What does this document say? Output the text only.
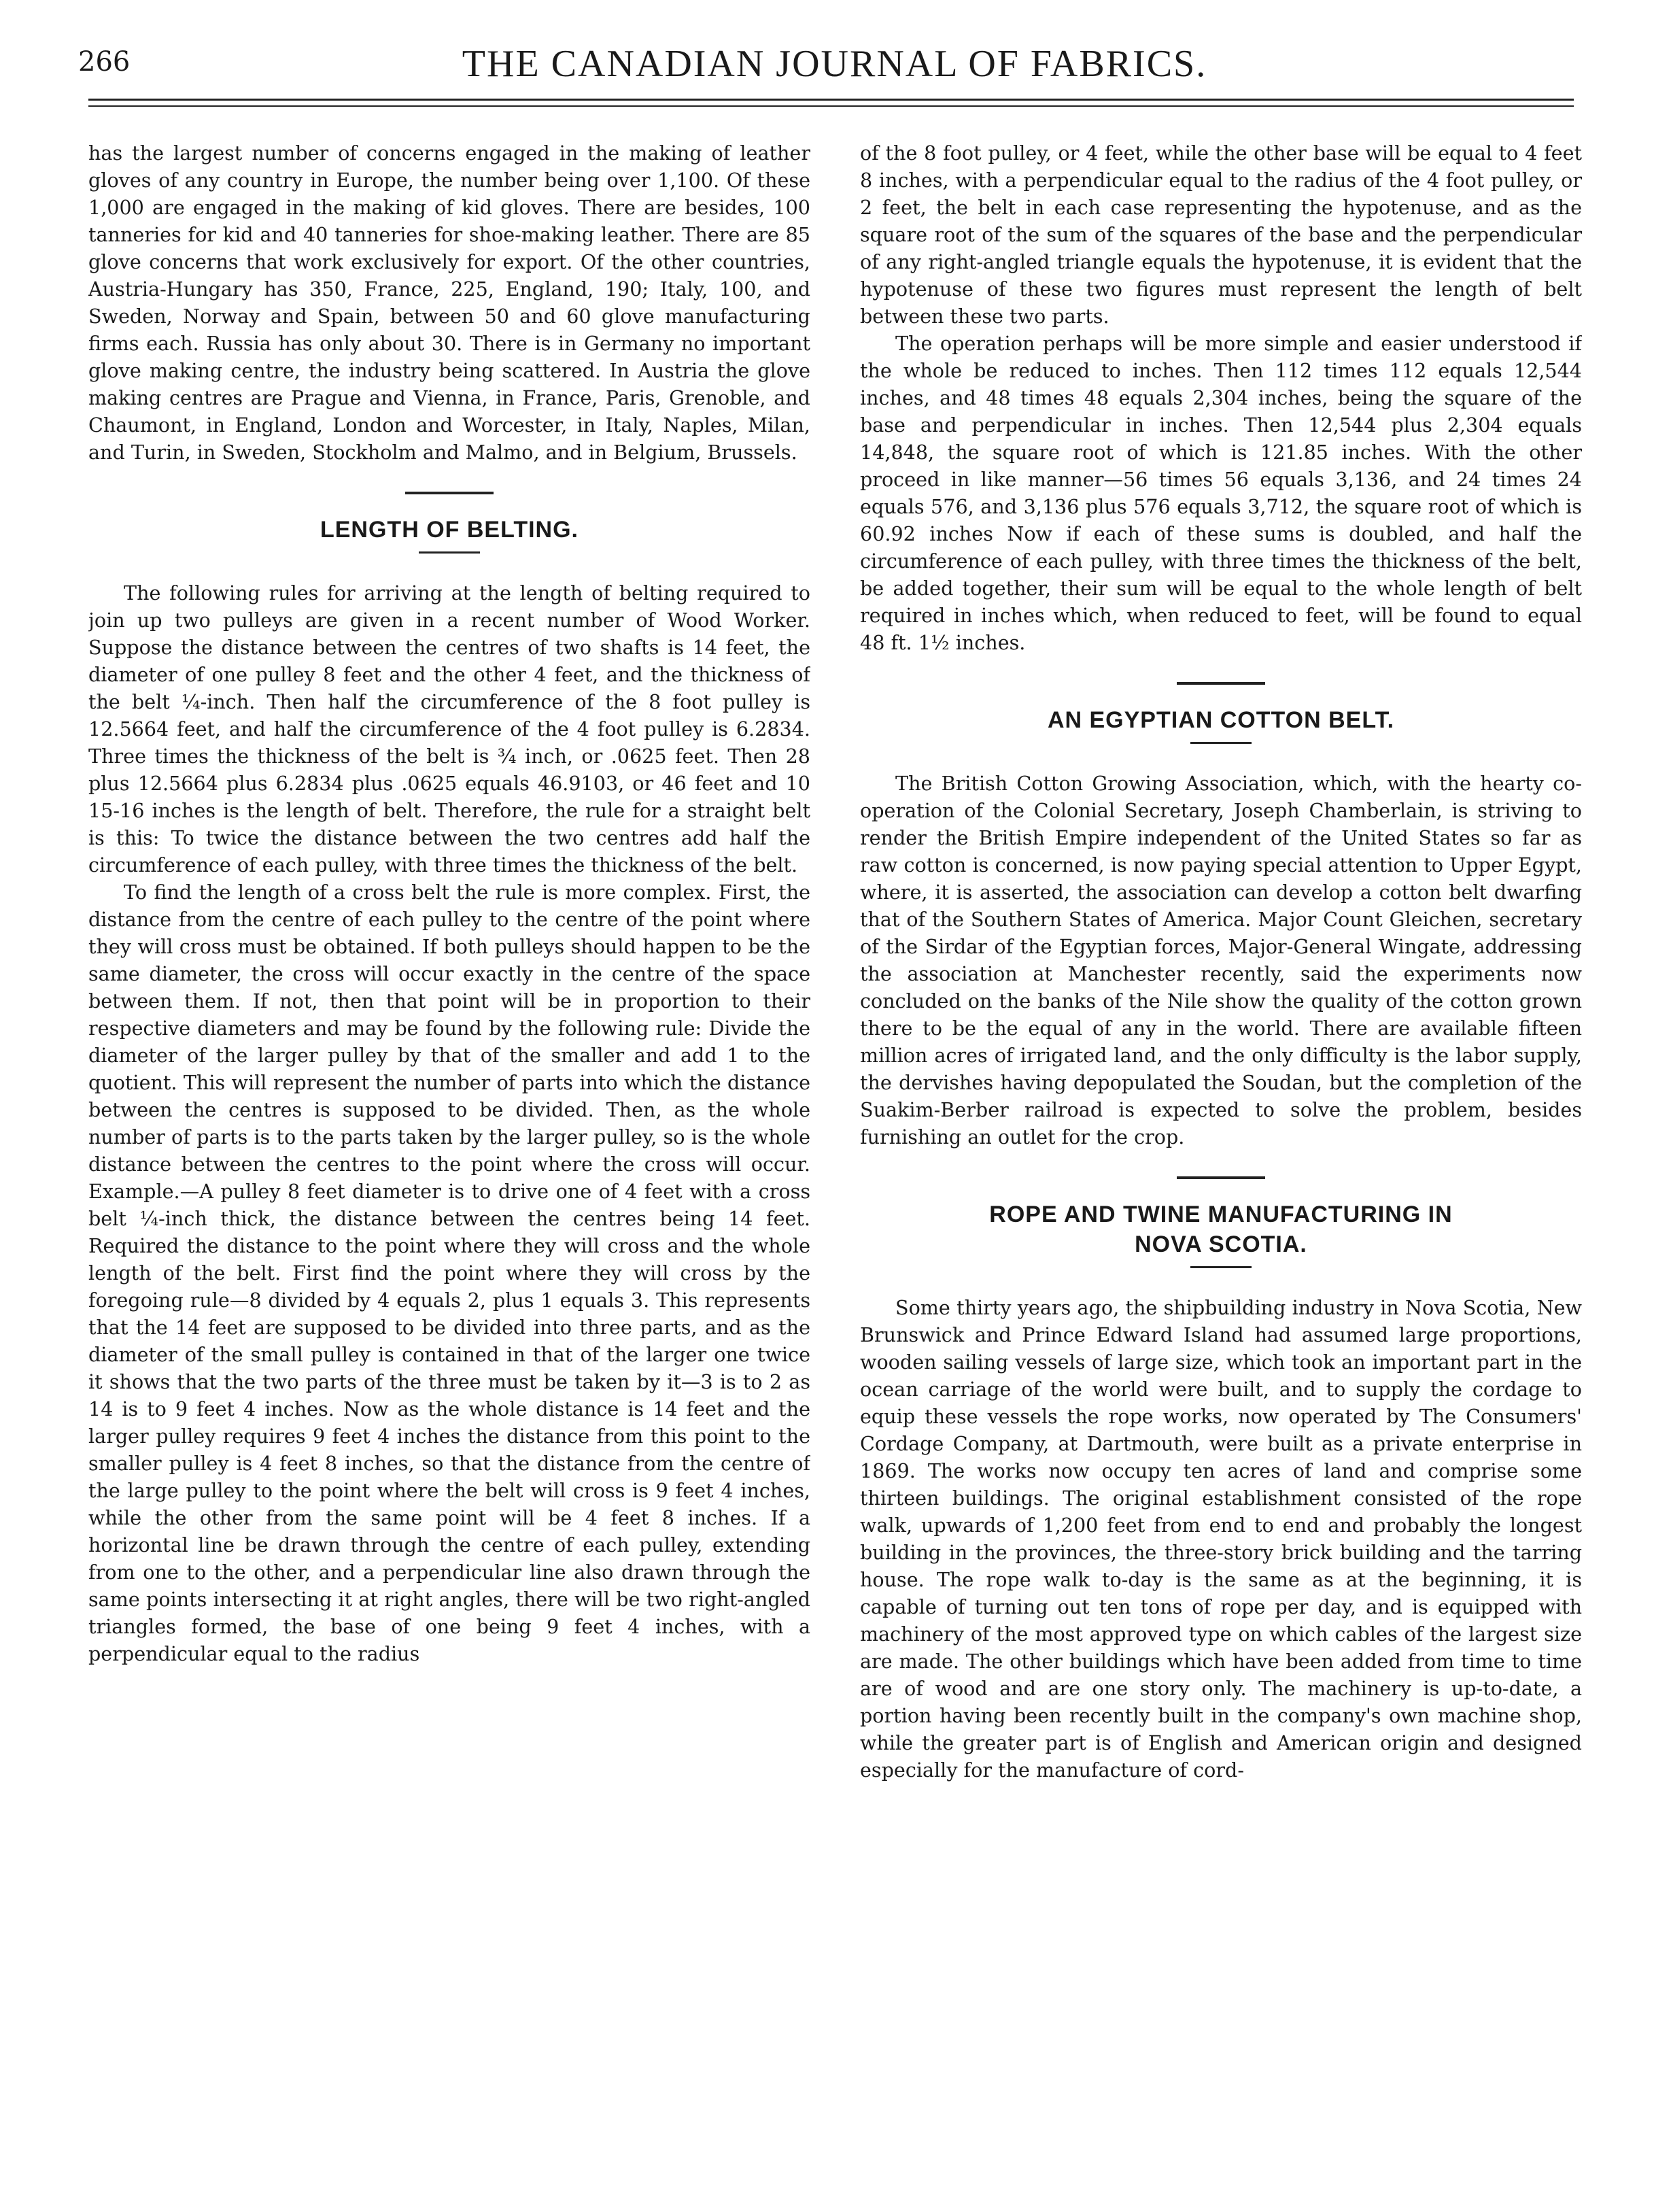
266	THE CANADIAN JOURNAL OF FABRICS.

has the largest number of concerns engaged in the making of leather gloves of any country in Europe, the number being over 1,100. Of these 1,000 are engaged in the making of kid gloves. There are besides, 100 tanneries for kid and 40 tanneries for shoe-making leather. There are 85 glove concerns that work exclusively for export. Of the other countries, Austria-Hungary has 350, France, 225, England, 190; Italy, 100, and Sweden, Norway and Spain, between 50 and 60 glove manufacturing firms each. Russia has only about 30. There is in Germany no important glove making centre, the industry being scattered. In Austria the glove making centres are Prague and Vienna, in France, Paris, Grenoble, and Chaumont, in England, London and Worcester, in Italy, Naples, Milan, and Turin, in Sweden, Stockholm and Malmo, and in Belgium, Brussels.

LENGTH OF BELTING.

The following rules for arriving at the length of belting required to join up two pulleys are given in a recent number of Wood Worker. Suppose the distance between the centres of two shafts is 14 feet, the diameter of one pulley 8 feet and the other 4 feet, and the thickness of the belt ¼-inch. Then half the circumference of the 8 foot pulley is 12.5664 feet, and half the circumference of the 4 foot pulley is 6.2834. Three times the thickness of the belt is ¾ inch, or .0625 feet. Then 28 plus 12.5664 plus 6.2834 plus .0625 equals 46.9103, or 46 feet and 10 15-16 inches is the length of belt. Therefore, the rule for a straight belt is this: To twice the distance between the two centres add half the circumference of each pulley, with three times the thickness of the belt.

To find the length of a cross belt the rule is more complex. First, the distance from the centre of each pulley to the centre of the point where they will cross must be obtained. If both pulleys should happen to be the same diameter, the cross will occur exactly in the centre of the space between them. If not, then that point will be in proportion to their respective diameters and may be found by the following rule: Divide the diameter of the larger pulley by that of the smaller and add 1 to the quotient. This will represent the number of parts into which the distance between the centres is supposed to be divided. Then, as the whole number of parts is to the parts taken by the larger pulley, so is the whole distance between the centres to the point where the cross will occur. Example.—A pulley 8 feet diameter is to drive one of 4 feet with a cross belt ¼-inch thick, the distance between the centres being 14 feet. Required the distance to the point where they will cross and the whole length of the belt. First find the point where they will cross by the foregoing rule—8 divided by 4 equals 2, plus 1 equals 3. This represents that the 14 feet are supposed to be divided into three parts, and as the diameter of the small pulley is contained in that of the larger one twice it shows that the two parts of the three must be taken by it—3 is to 2 as 14 is to 9 feet 4 inches. Now as the whole distance is 14 feet and the larger pulley requires 9 feet 4 inches the distance from this point to the smaller pulley is 4 feet 8 inches, so that the distance from the centre of the large pulley to the point where the belt will cross is 9 feet 4 inches, while the other from the same point will be 4 feet 8 inches. If a horizontal line be drawn through the centre of each pulley, extending from one to the other, and a perpendicular line also drawn through the same points intersecting it at right angles, there will be two right-angled triangles formed, the base of one being 9 feet 4 inches, with a perpendicular equal to the radius

of the 8 foot pulley, or 4 feet, while the other base will be equal to 4 feet 8 inches, with a perpendicular equal to the radius of the 4 foot pulley, or 2 feet, the belt in each case representing the hypotenuse, and as the square root of the sum of the squares of the base and the perpendicular of any right-angled triangle equals the hypotenuse, it is evident that the hypotenuse of these two figures must represent the length of belt between these two parts.

The operation perhaps will be more simple and easier understood if the whole be reduced to inches. Then 112 times 112 equals 12,544 inches, and 48 times 48 equals 2,304 inches, being the square of the base and perpendicular in inches. Then 12,544 plus 2,304 equals 14,848, the square root of which is 121.85 inches. With the other proceed in like manner—56 times 56 equals 3,136, and 24 times 24 equals 576, and 3,136 plus 576 equals 3,712, the square root of which is 60.92 inches Now if each of these sums is doubled, and half the circumference of each pulley, with three times the thickness of the belt, be added together, their sum will be equal to the whole length of belt required in inches which, when reduced to feet, will be found to equal 48 ft. 1½ inches.

AN EGYPTIAN COTTON BELT.

The British Cotton Growing Association, which, with the hearty co-operation of the Colonial Secretary, Joseph Chamberlain, is striving to render the British Empire independent of the United States so far as raw cotton is concerned, is now paying special attention to Upper Egypt, where, it is asserted, the association can develop a cotton belt dwarfing that of the Southern States of America. Major Count Gleichen, secretary of the Sirdar of the Egyptian forces, Major-General Wingate, addressing the association at Manchester recently, said the experiments now concluded on the banks of the Nile show the quality of the cotton grown there to be the equal of any in the world. There are available fifteen million acres of irrigated land, and the only difficulty is the labor supply, the dervishes having depopulated the Soudan, but the completion of the Suakim-Berber railroad is expected to solve the problem, besides furnishing an outlet for the crop.

ROPE AND TWINE MANUFACTURING IN
NOVA SCOTIA.

Some thirty years ago, the shipbuilding industry in Nova Scotia, New Brunswick and Prince Edward Island had assumed large proportions, wooden sailing vessels of large size, which took an important part in the ocean carriage of the world were built, and to supply the cordage to equip these vessels the rope works, now operated by The Consumers' Cordage Company, at Dartmouth, were built as a private enterprise in 1869. The works now occupy ten acres of land and comprise some thirteen buildings. The original establishment consisted of the rope walk, upwards of 1,200 feet from end to end and probably the longest building in the provinces, the three-story brick building and the tarring house. The rope walk to-day is the same as at the beginning, it is capable of turning out ten tons of rope per day, and is equipped with machinery of the most approved type on which cables of the largest size are made. The other buildings which have been added from time to time are of wood and are one story only. The machinery is up-to-date, a portion having been recently built in the company's own machine shop, while the greater part is of English and American origin and designed especially for the manufacture of cord-
